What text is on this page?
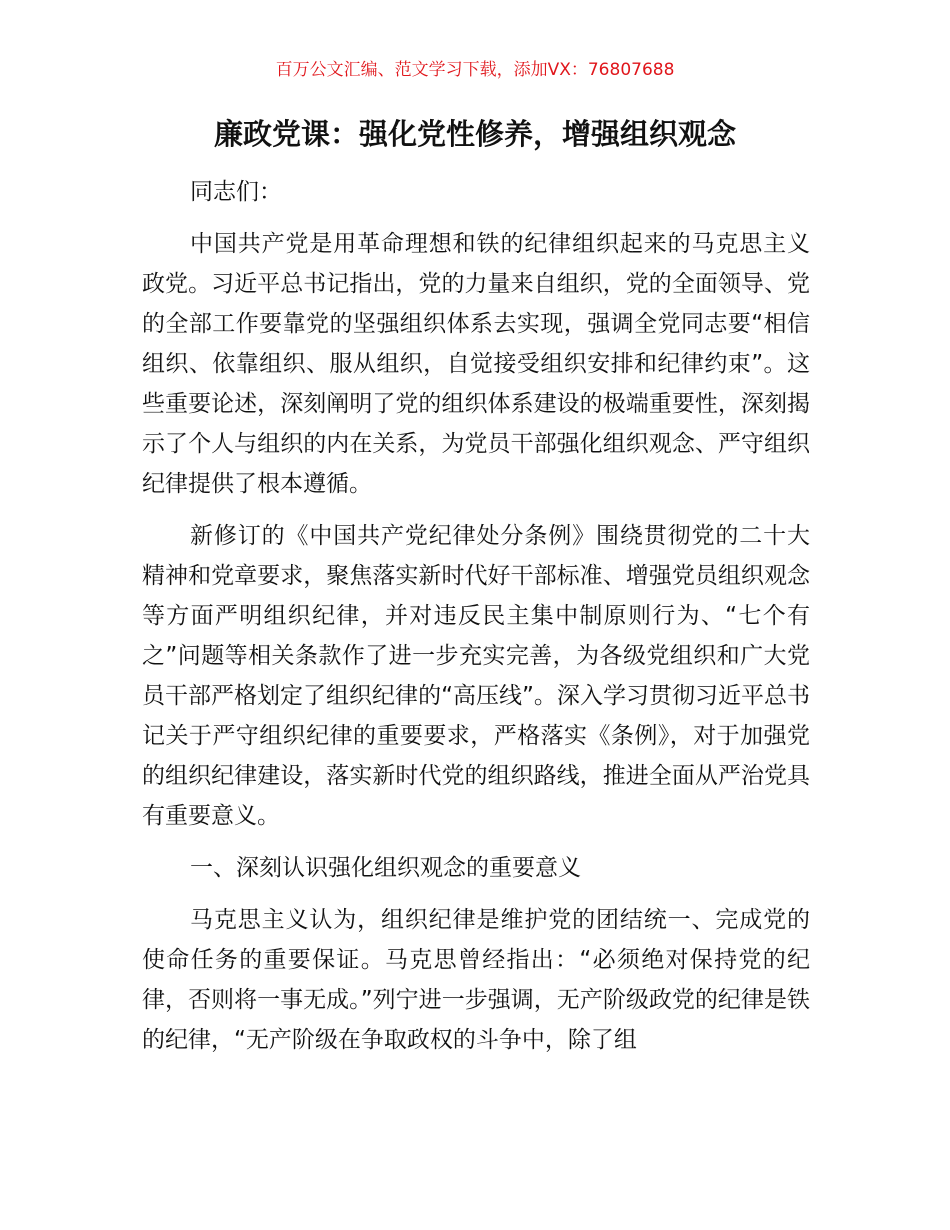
百万公文汇编、范文学习下载，添加VX：76807688
廉政党课：强化党性修养，增强组织观念
同志们：

中国共产党是用革命理想和铁的纪律组织起来的马克思主义政党。习近平总书记指出，党的力量来自组织，党的全面领导、党的全部工作要靠党的坚强组织体系去实现，强调全党同志要“相信组织、依靠组织、服从组织，自觉接受组织安排和纪律约束”。这些重要论述，深刻阐明了党的组织体系建设的极端重要性，深刻揭示了个人与组织的内在关系，为党员干部强化组织观念、严守组织纪律提供了根本遵循。

新修订的《中国共产党纪律处分条例》围绕贯彻党的二十大精神和党章要求，聚焦落实新时代好干部标准、增强党员组织观念等方面严明组织纪律，并对违反民主集中制原则行为、“七个有之”问题等相关条款作了进一步充实完善，为各级党组织和广大党员干部严格划定了组织纪律的“高压线”。深入学习贯彻习近平总书记关于严守组织纪律的重要要求，严格落实《条例》，对于加强党的组织纪律建设，落实新时代党的组织路线，推进全面从严治党具有重要意义。

一、深刻认识强化组织观念的重要意义

马克思主义认为，组织纪律是维护党的团结统一、完成党的使命任务的重要保证。马克思曾经指出：“必须绝对保持党的纪律，否则将一事无成。”列宁进一步强调，无产阶级政党的纪律是铁的纪律，“无产阶级在争取政权的斗争中，除了组
